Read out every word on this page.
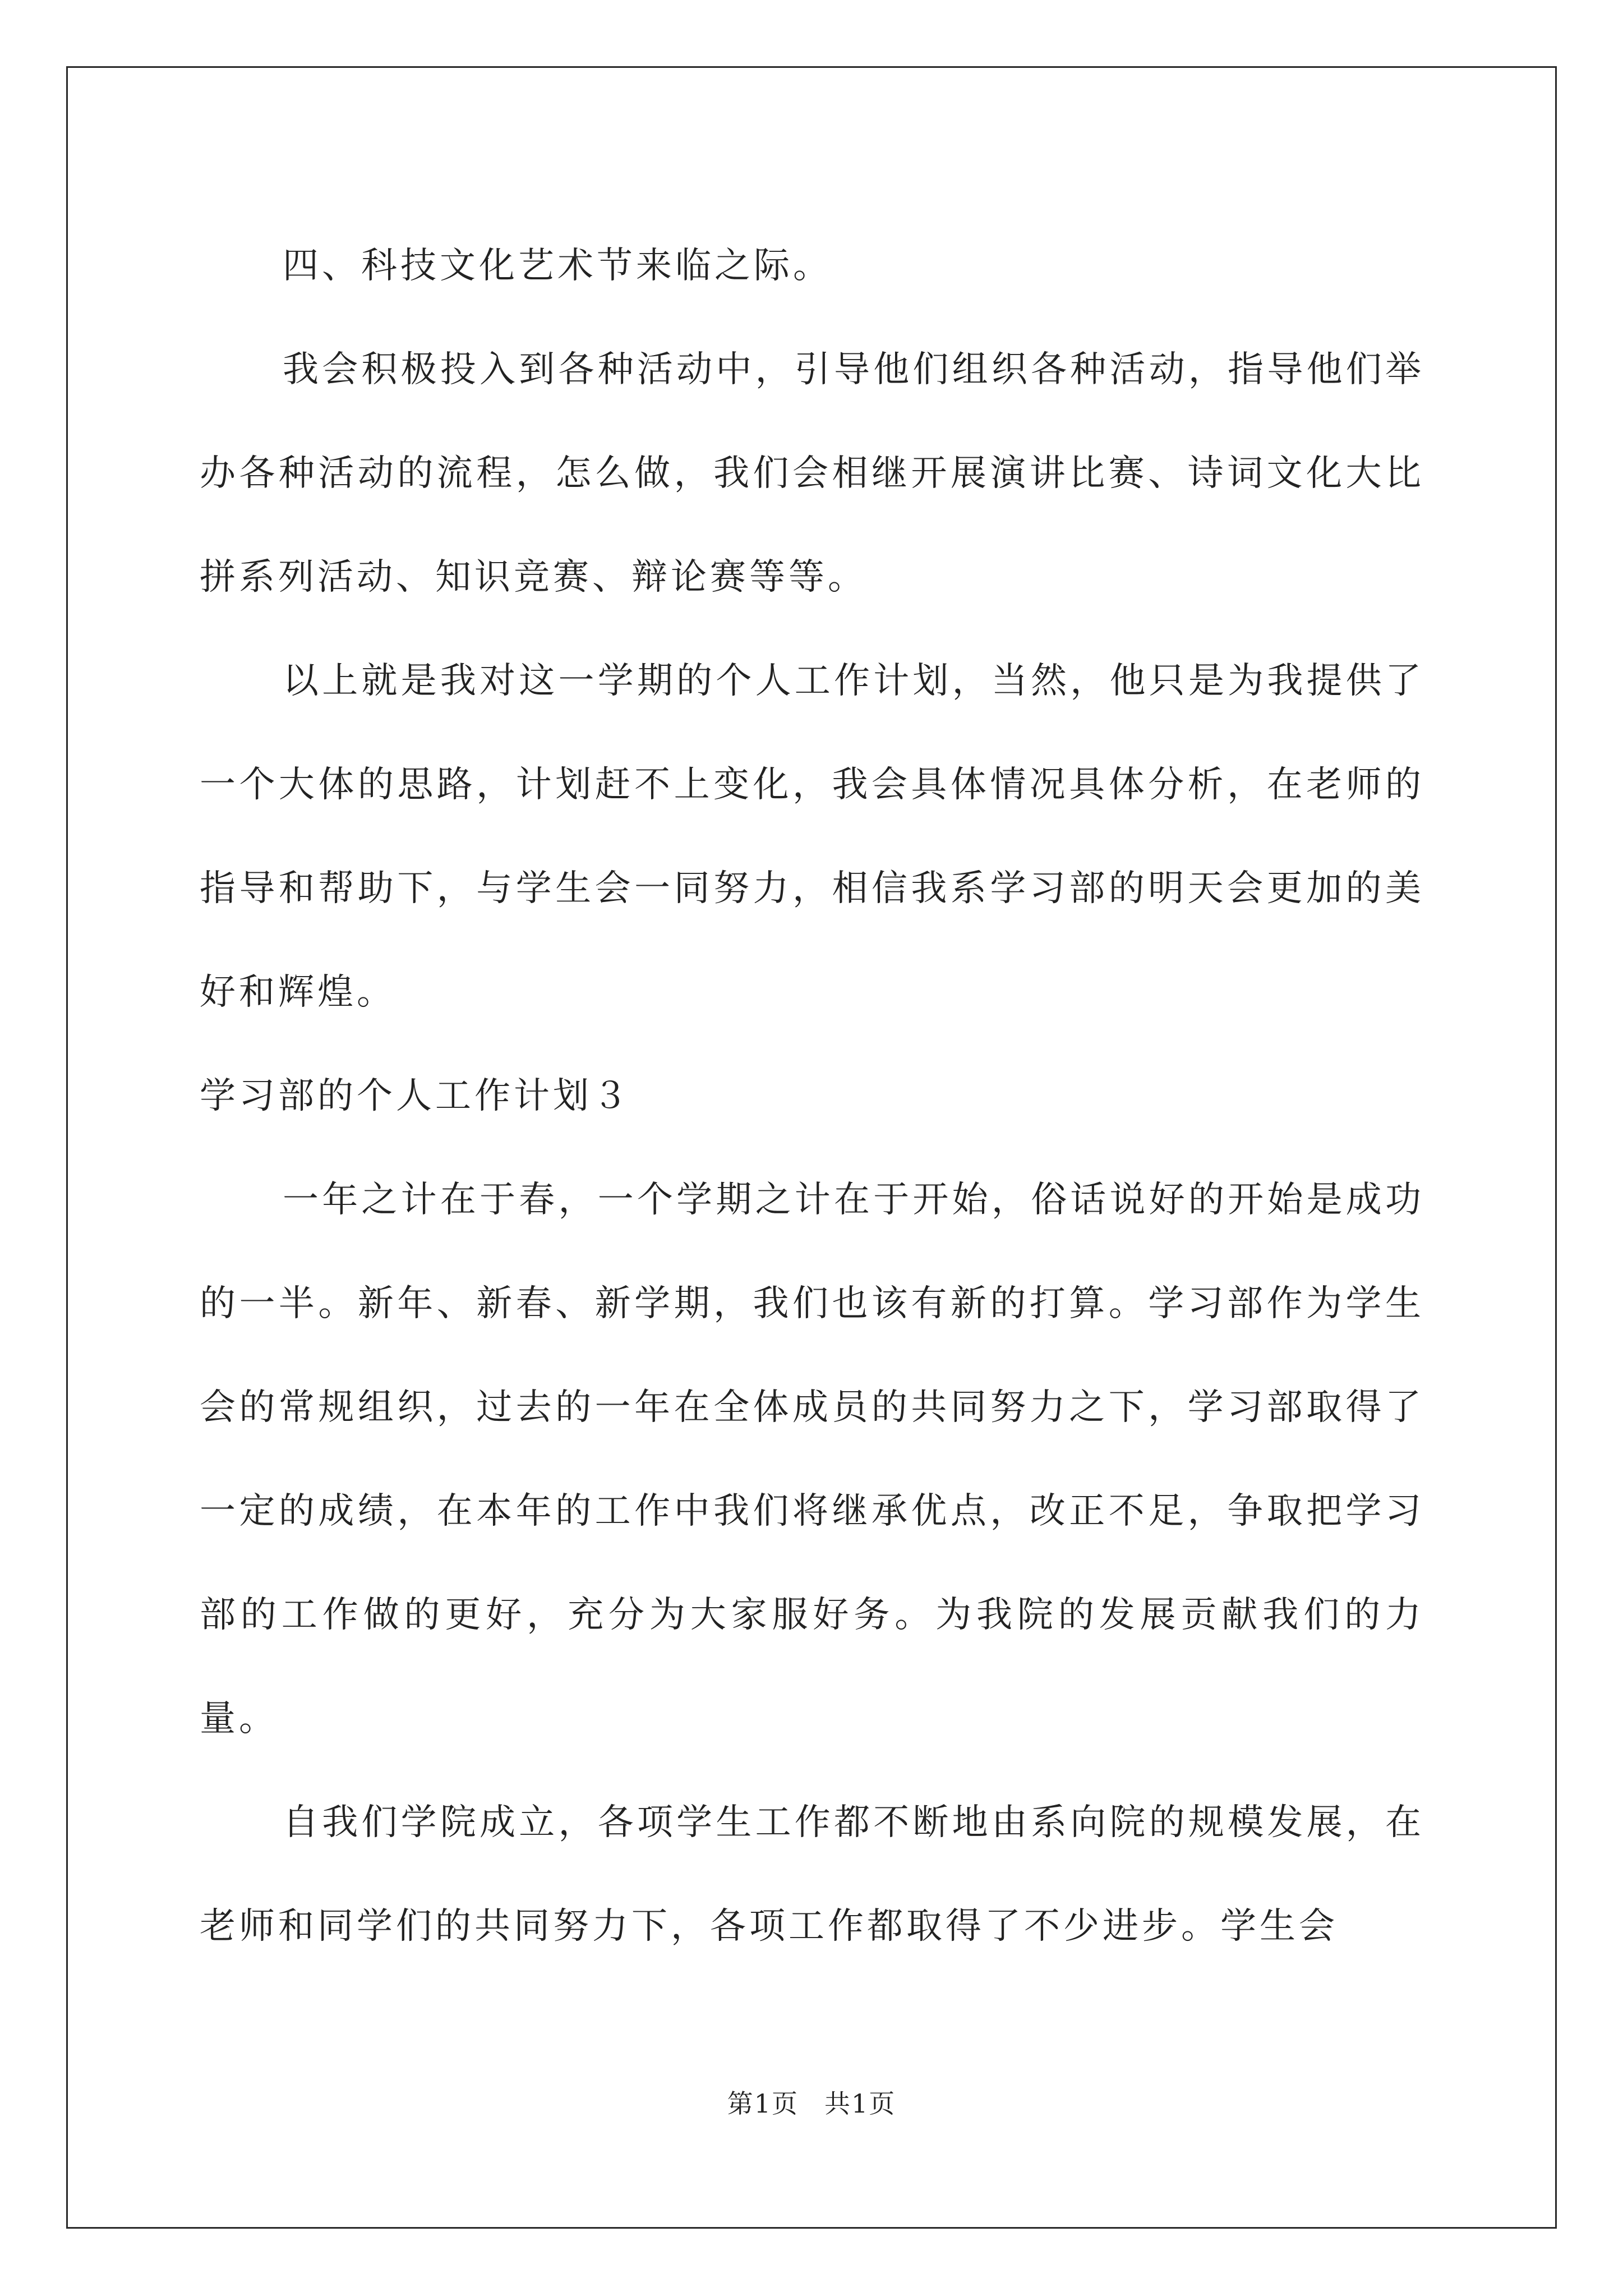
四、科技文化艺术节来临之际。

我会积极投入到各种活动中，引导他们组织各种活动，指导他们举办各种活动的流程，怎么做，我们会相继开展演讲比赛、诗词文化大比拼系列活动、知识竞赛、辩论赛等等。

以上就是我对这一学期的个人工作计划，当然，他只是为我提供了一个大体的思路，计划赶不上变化，我会具体情况具体分析，在老师的指导和帮助下，与学生会一同努力，相信我系学习部的明天会更加的美好和辉煌。

学习部的个人工作计划３

一年之计在于春，一个学期之计在于开始，俗话说好的开始是成功的一半。新年、新春、新学期，我们也该有新的打算。学习部作为学生会的常规组织，过去的一年在全体成员的共同努力之下，学习部取得了一定的成绩，在本年的工作中我们将继承优点，改正不足，争取把学习部的工作做的更好，充分为大家服好务。为我院的发展贡献我们的力量。

自我们学院成立，各项学生工作都不断地由系向院的规模发展，在老师和同学们的共同努力下，各项工作都取得了不少进步。学生会

第1页 共1页
